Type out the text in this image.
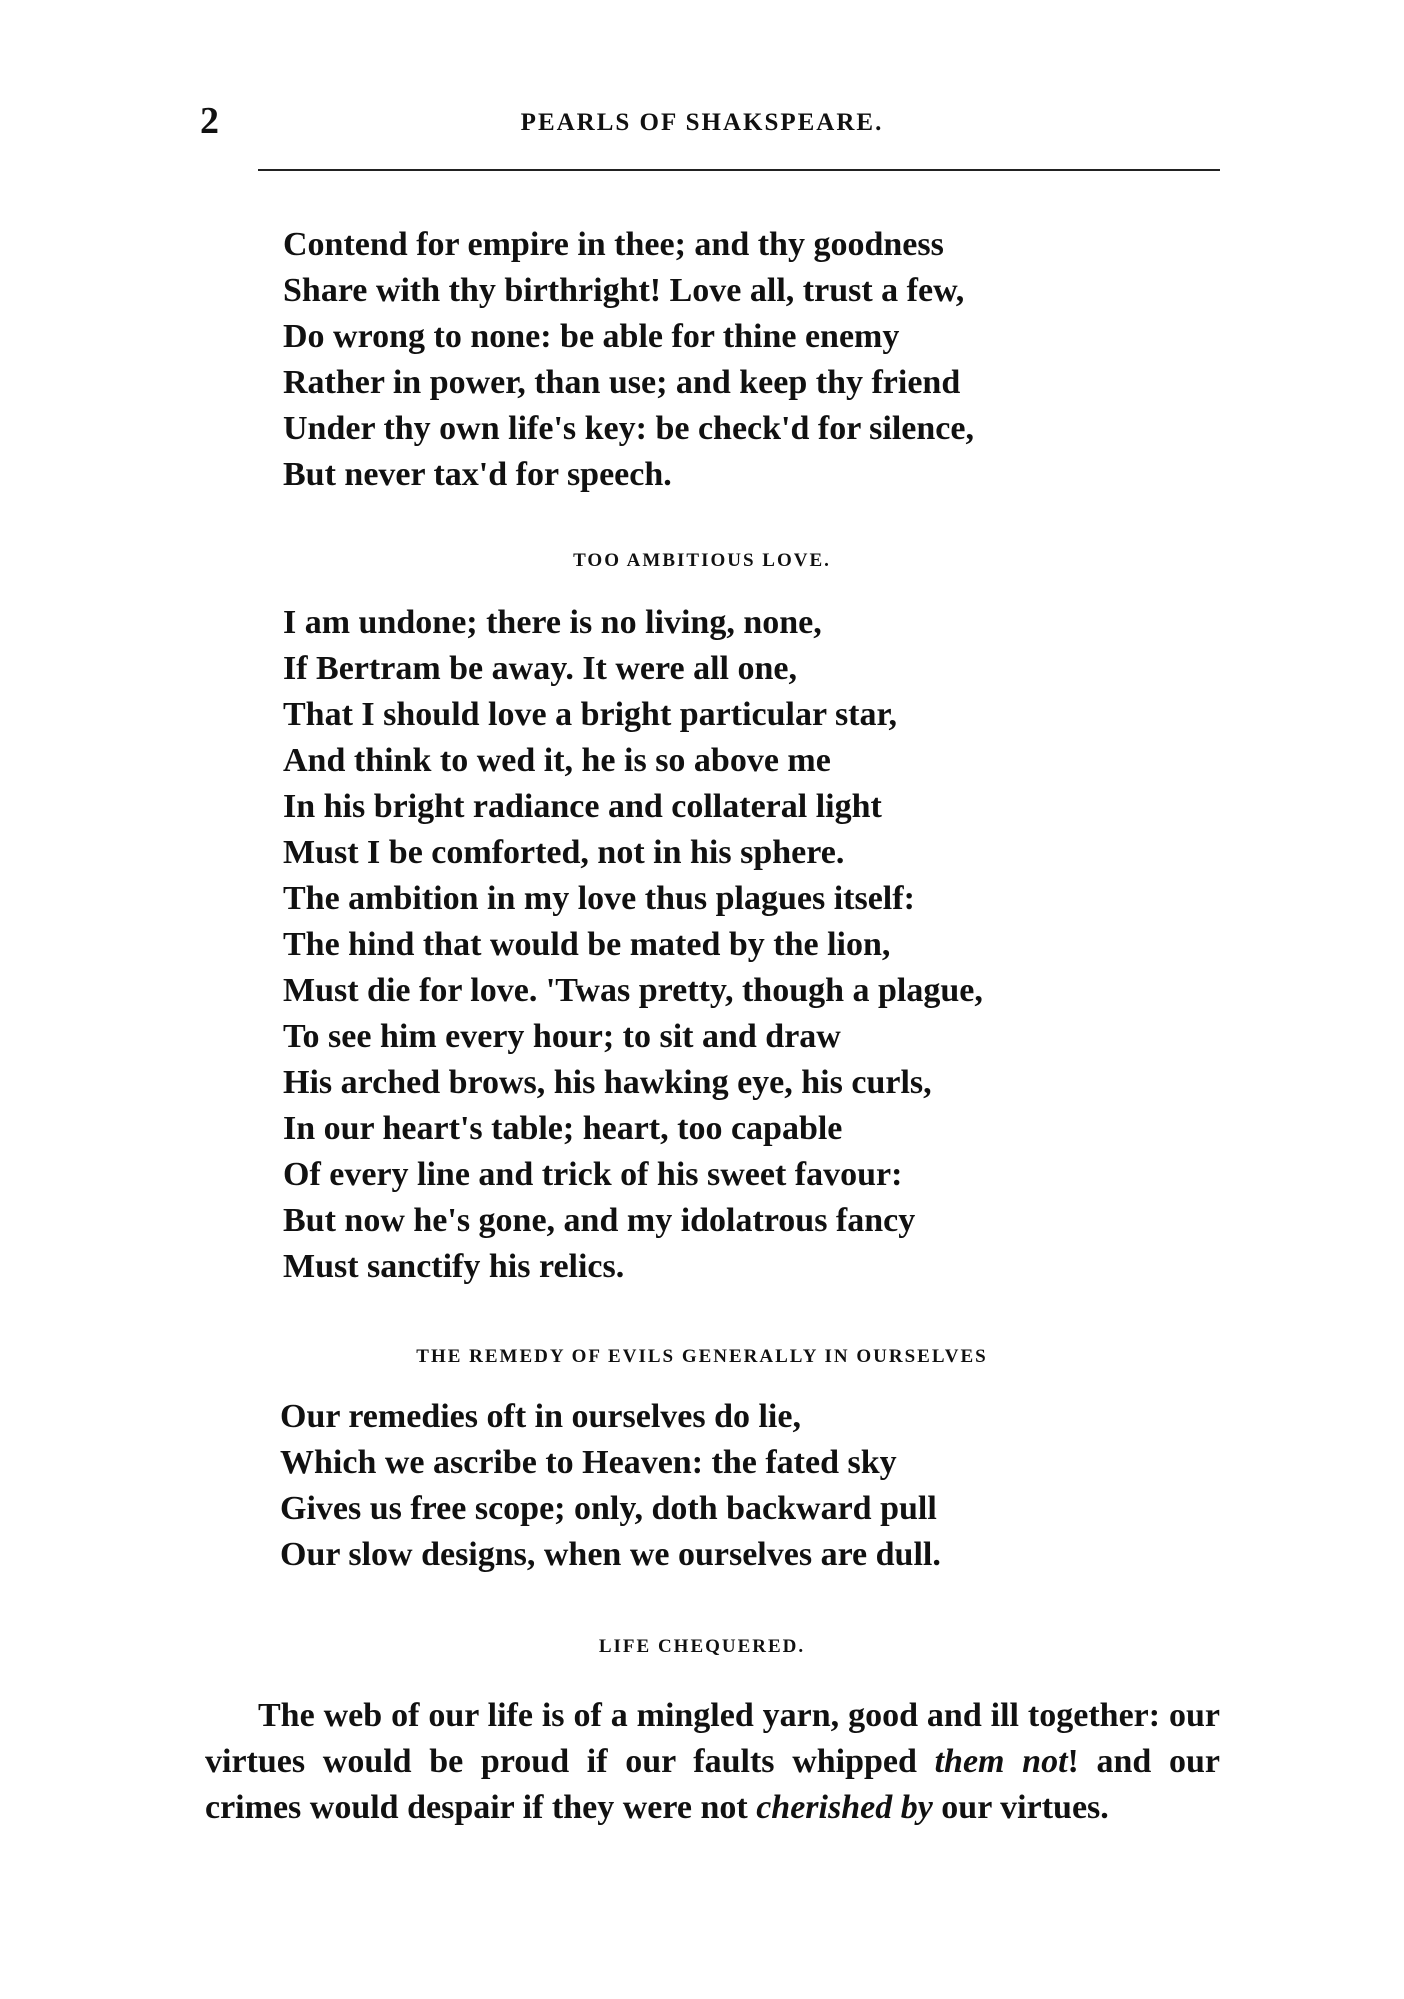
2	PEARLS OF SHAKSPEARE.
Contend for empire in thee; and thy goodness
Share with thy birthright! Love all, trust a few,
Do wrong to none: be able for thine enemy
Rather in power, than use; and keep thy friend
Under thy own life's key: be check'd for silence,
But never tax'd for speech.
TOO AMBITIOUS LOVE.
I am undone; there is no living, none,
If Bertram be away. It were all one,
That I should love a bright particular star,
And think to wed it, he is so above me
In his bright radiance and collateral light
Must I be comforted, not in his sphere.
The ambition in my love thus plagues itself:
The hind that would be mated by the lion,
Must die for love. 'Twas pretty, though a plague,
To see him every hour; to sit and draw
His arched brows, his hawking eye, his curls,
In our heart's table; heart, too capable
Of every line and trick of his sweet favour:
But now he's gone, and my idolatrous fancy
Must sanctify his relics.
THE REMEDY OF EVILS GENERALLY IN OURSELVES
Our remedies oft in ourselves do lie,
Which we ascribe to Heaven: the fated sky
Gives us free scope; only, doth backward pull
Our slow designs, when we ourselves are dull.
LIFE CHEQUERED.
The web of our life is of a mingled yarn, good and ill together: our virtues would be proud if our faults whipped them not! and our crimes would despair if they were not cherished by our virtues.
